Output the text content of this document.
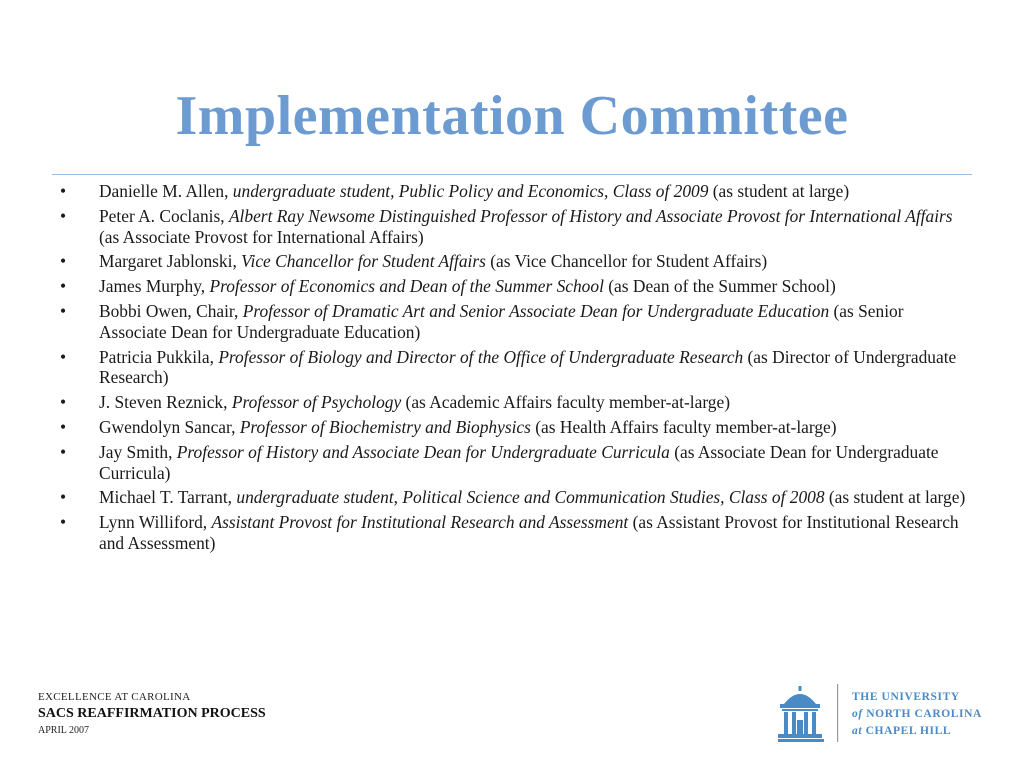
Implementation Committee
• Danielle M. Allen, undergraduate student, Public Policy and Economics, Class of 2009 (as student at large)
• Peter A. Coclanis, Albert Ray Newsome Distinguished Professor of History and Associate Provost for International Affairs (as Associate Provost for International Affairs)
• Margaret Jablonski, Vice Chancellor for Student Affairs (as Vice Chancellor for Student Affairs)
• James Murphy, Professor of Economics and Dean of the Summer School (as Dean of the Summer School)
• Bobbi Owen, Chair, Professor of Dramatic Art and Senior Associate Dean for Undergraduate Education (as Senior Associate Dean for Undergraduate Education)
• Patricia Pukkila, Professor of Biology and Director of the Office of Undergraduate Research (as Director of Undergraduate Research)
• J. Steven Reznick, Professor of Psychology (as Academic Affairs faculty member-at-large)
• Gwendolyn Sancar, Professor of Biochemistry and Biophysics (as Health Affairs faculty member-at-large)
• Jay Smith, Professor of History and Associate Dean for Undergraduate Curricula (as Associate Dean for Undergraduate Curricula)
• Michael T. Tarrant, undergraduate student, Political Science and Communication Studies, Class of 2008 (as student at large)
• Lynn Williford, Assistant Provost for Institutional Research and Assessment (as Assistant Provost for Institutional Research and Assessment)
EXCELLENCE AT CAROLINA
SACS REAFFIRMATION PROCESS
APRIL 2007
THE UNIVERSITY
of NORTH CAROLINA
at CHAPEL HILL
